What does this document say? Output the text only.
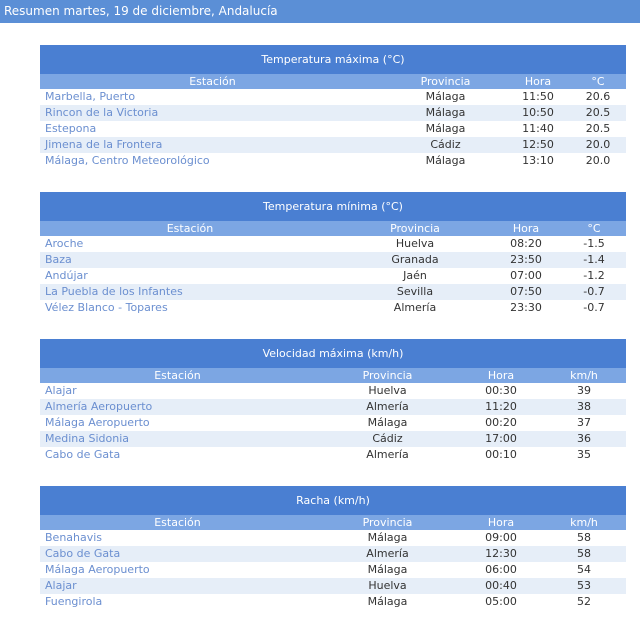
Resumen martes, 19 de diciembre, Andalucía
Temperatura máxima (°C)
Estación	Provincia	Hora	°C
Marbella, Puerto	Málaga	11:50	20.6
Rincon de la Victoria	Málaga	10:50	20.5
Estepona	Málaga	11:40	20.5
Jimena de la Frontera	Cádiz	12:50	20.0
Málaga, Centro Meteorológico	Málaga	13:10	20.0
Temperatura mínima (°C)
Estación	Provincia	Hora	°C
Aroche	Huelva	08:20	-1.5
Baza	Granada	23:50	-1.4
Andújar	Jaén	07:00	-1.2
La Puebla de los Infantes	Sevilla	07:50	-0.7
Vélez Blanco - Topares	Almería	23:30	-0.7
Velocidad máxima (km/h)
Estación	Provincia	Hora	km/h
Alajar	Huelva	00:30	39
Almería Aeropuerto	Almería	11:20	38
Málaga Aeropuerto	Málaga	00:20	37
Medina Sidonia	Cádiz	17:00	36
Cabo de Gata	Almería	00:10	35
Racha (km/h)
Estación	Provincia	Hora	km/h
Benahavis	Málaga	09:00	58
Cabo de Gata	Almería	12:30	58
Málaga Aeropuerto	Málaga	06:00	54
Alajar	Huelva	00:40	53
Fuengirola	Málaga	05:00	52
